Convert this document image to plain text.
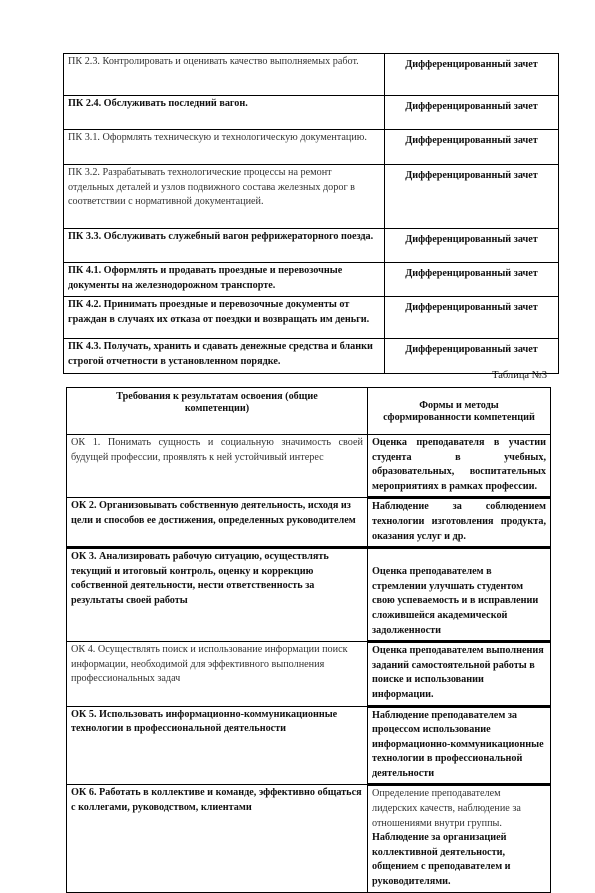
ПК 2.3. Контролировать и оценивать качество выполняемых работ.	Дифференцированный зачет
ПК 2.4. Обслуживать последний вагон.	Дифференцированный зачет
ПК 3.1. Оформлять техническую и технологическую документацию.	Дифференцированный зачет
ПК 3.2. Разрабатывать технологические процессы на ремонт отдельных деталей и узлов подвижного состава железных дорог в соответствии с нормативной документацией.	Дифференцированный зачет
ПК 3.3. Обслуживать служебный вагон рефрижераторного поезда.	Дифференцированный зачет
ПК 4.1. Оформлять и продавать проездные и перевозочные документы на железнодорожном транспорте.	Дифференцированный зачет
ПК 4.2. Принимать проездные и перевозочные документы от граждан в случаях их отказа от поездки и возвращать им деньги.	Дифференцированный зачет
ПК 4.3. Получать, хранить и сдавать денежные средства и бланки строгой отчетности в установленном порядке.	Дифференцированный зачет
Таблица №3
Требования к результатам освоения (общие компетенции)	Формы и методы сформированности компетенций
ОК 1. Понимать сущность и социальную значимость своей будущей профессии, проявлять к ней устойчивый интерес	Оценка преподавателя в участии студента в учебных, образовательных, воспитательных мероприятиях в рамках профессии.
ОК 2. Организовывать собственную деятельность, исходя из цели и способов ее достижения, определенных руководителем	Наблюдение за соблюдением технологии изготовления продукта, оказания услуг и др.
ОК 3. Анализировать рабочую ситуацию, осуществлять текущий и итоговый контроль, оценку и коррекцию собственной деятельности, нести ответственность за результаты своей работы	Оценка преподавателем в стремлении улучшать студентом свою успеваемость и в исправлении сложившейся академической задолженности
ОК 4. Осуществлять поиск и использование информации поиск информации, необходимой для эффективного выполнения профессиональных задач	Оценка преподавателем выполнения заданий самостоятельной работы в поиске и использовании информации.
ОК 5. Использовать информационно-коммуникационные технологии в профессиональной деятельности	Наблюдение преподавателем за процессом использование информационно-коммуникационные технологии в профессиональной деятельности
ОК 6. Работать в коллективе и команде, эффективно общаться с коллегами, руководством, клиентами	Определение преподавателем лидерских качеств, наблюдение за отношениями внутри группы. Наблюдение за организацией коллективной деятельности, общением с преподавателем и руководителями.
